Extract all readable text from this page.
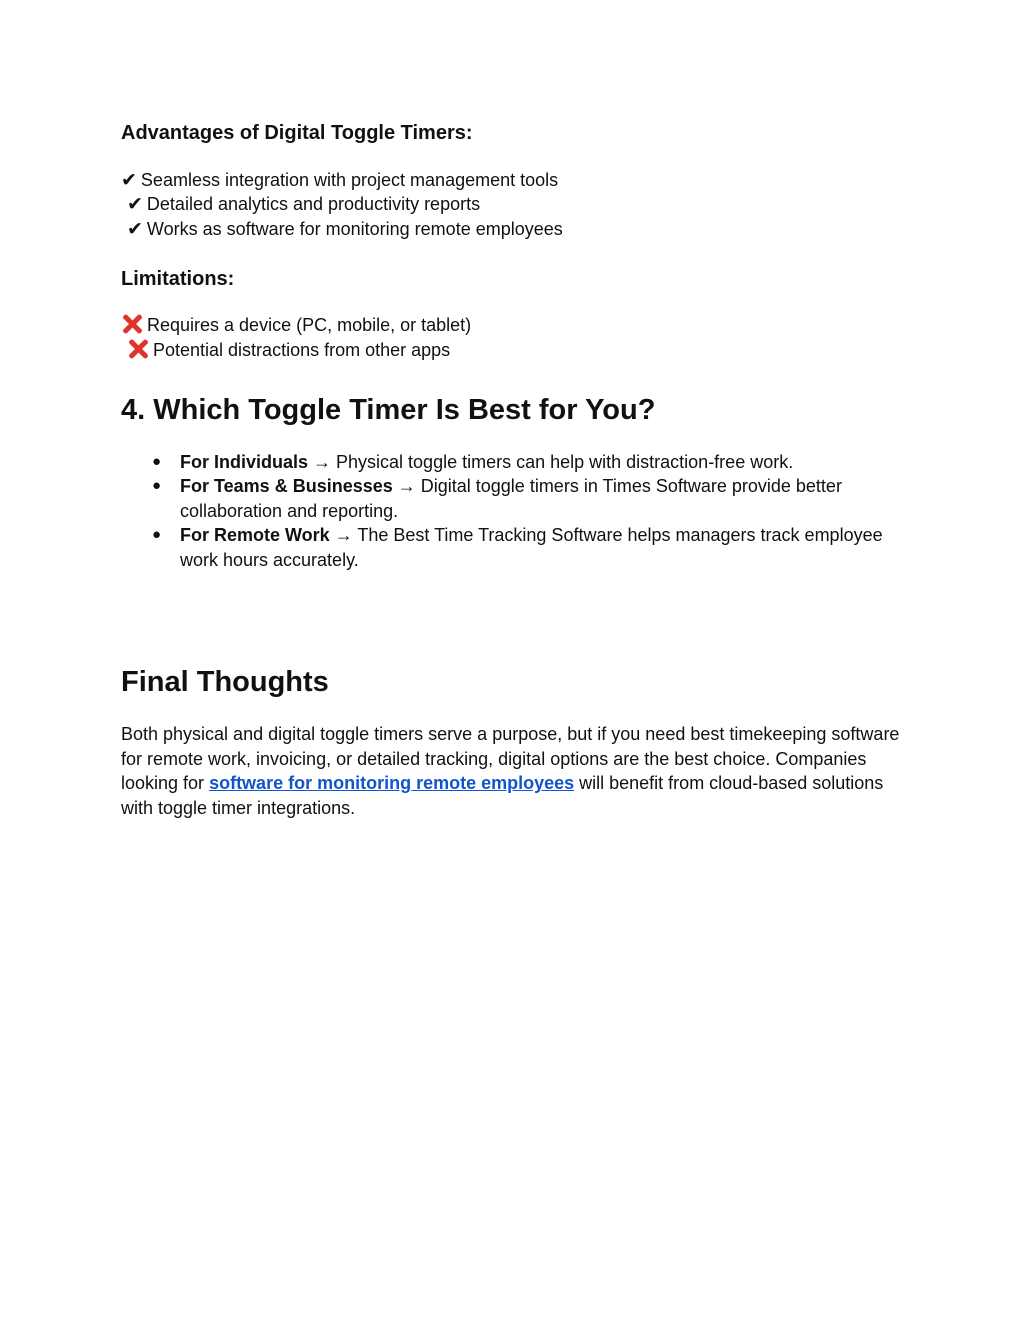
Advantages of Digital Toggle Timers:
✔ Seamless integration with project management tools
✔ Detailed analytics and productivity reports
✔ Works as software for monitoring remote employees
Limitations:
Requires a device (PC, mobile, or tablet)
Potential distractions from other apps
4. Which Toggle Timer Is Best for You?
● For Individuals → Physical toggle timers can help with distraction-free work.
● For Teams & Businesses → Digital toggle timers in Times Software provide better collaboration and reporting.
● For Remote Work → The Best Time Tracking Software helps managers track employee work hours accurately.
Final Thoughts

Both physical and digital toggle timers serve a purpose, but if you need best timekeeping software for remote work, invoicing, or detailed tracking, digital options are the best choice. Companies looking for software for monitoring remote employees will benefit from cloud-based solutions with toggle timer integrations.
